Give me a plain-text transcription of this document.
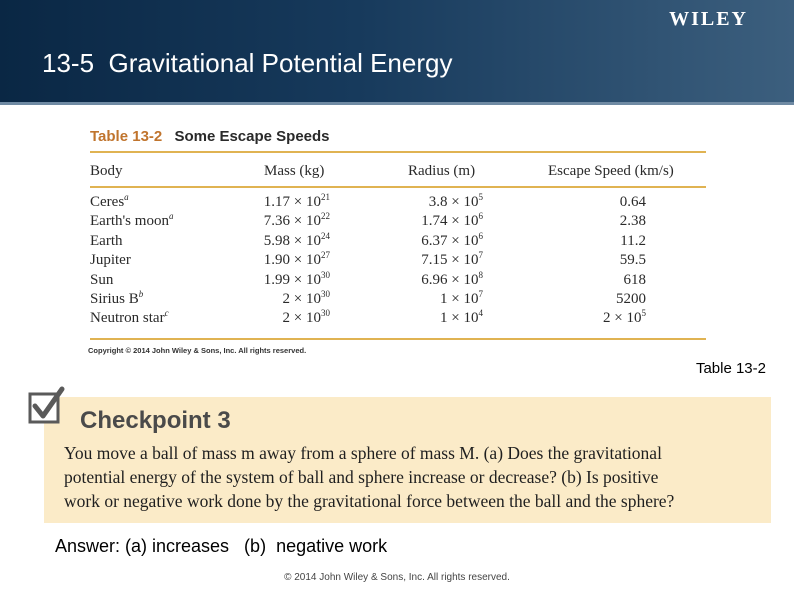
13-5  Gravitational Potential Energy
WILEY
Table 13-2 Some Escape Speeds
Body	Mass (kg)	Radius (m)	Escape Speed (km/s)
Ceres$^a$	$1.17 \times 10^{21}$	$3.8 \times 10^5$	0.64
Earth's moon$^a$	$7.36 \times 10^{22}$	$1.74 \times 10^6$	2.38
Earth	$5.98 \times 10^{24}$	$6.37 \times 10^6$	11.2
Jupiter	$1.90 \times 10^{27}$	$7.15 \times 10^7$	59.5
Sun	$1.99 \times 10^{30}$	$6.96 \times 10^8$	618
Sirius B$^b$	$2 \times 10^{30}$	$1 \times 10^7$	5200
Neutron star$^c$	$2 \times 10^{30}$	$1 \times 10^4$	$2 \times 10^5$
Copyright © 2014 John Wiley & Sons, Inc. All rights reserved.
Table 13-2
Checkpoint 3
You move a ball of mass m away from a sphere of mass M. (a) Does the gravitational
potential energy of the system of ball and sphere increase or decrease? (b) Is positive
work or negative work done by the gravitational force between the ball and the sphere?
Answer: (a) increases   (b)  negative work
© 2014 John Wiley & Sons, Inc. All rights reserved.
